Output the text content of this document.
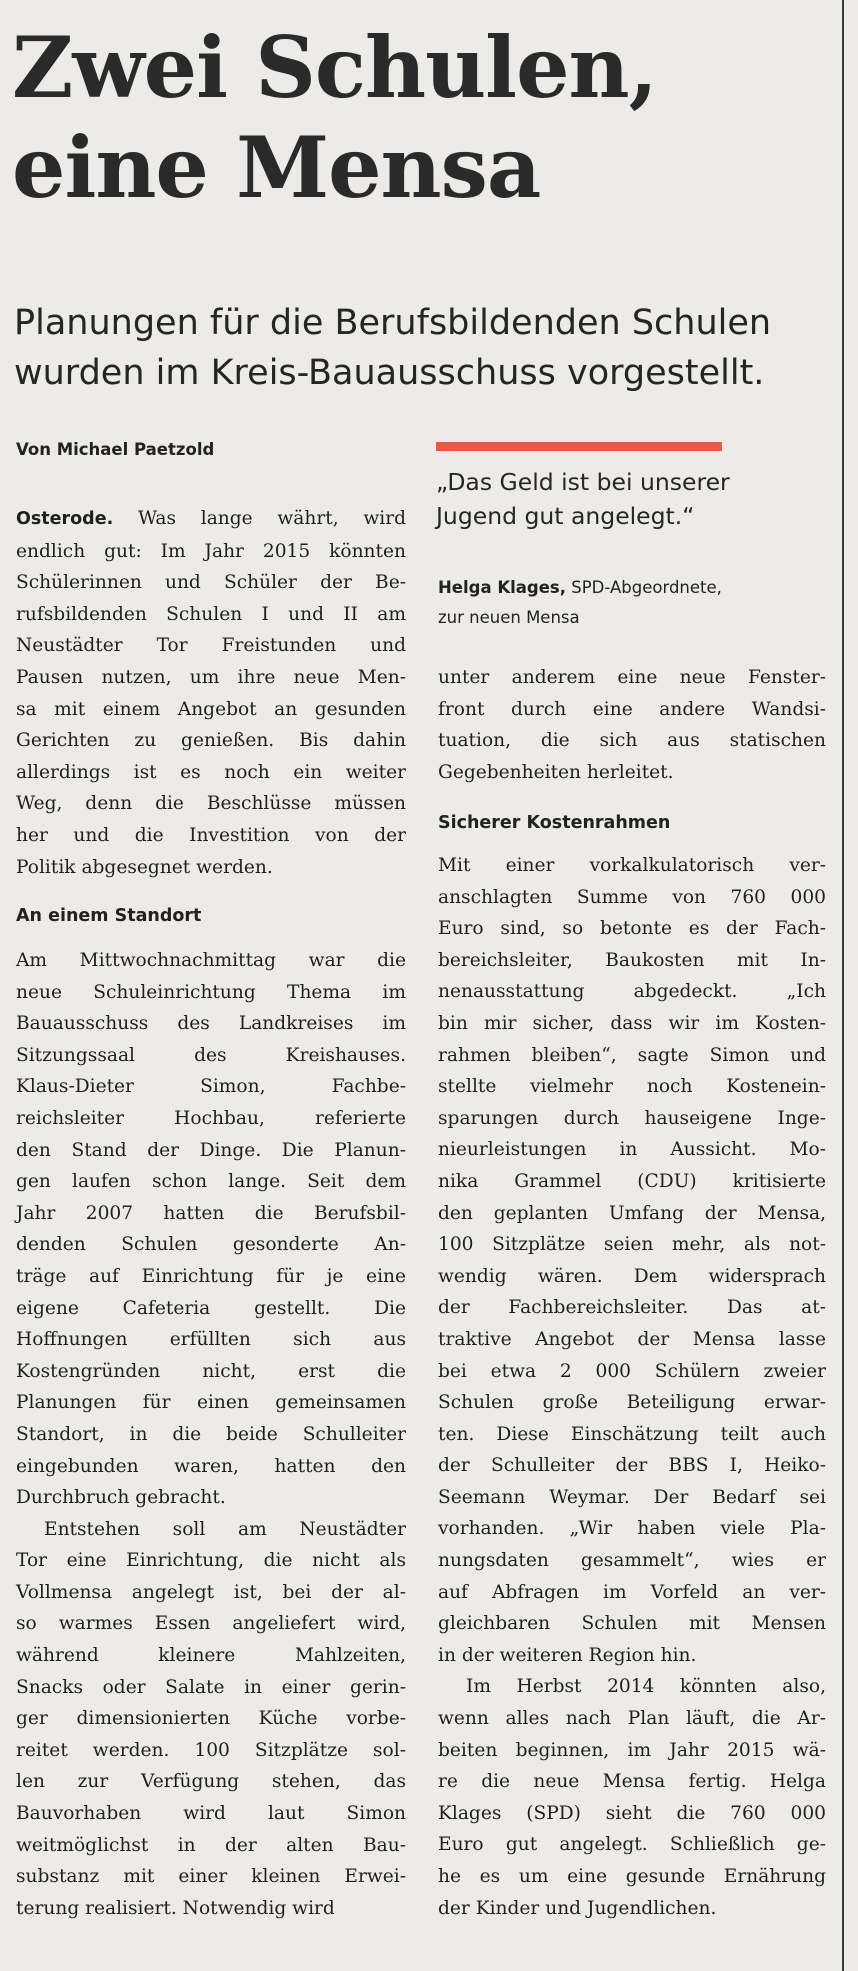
Zwei Schulen,
eine Mensa
Planungen für die Berufsbildenden Schulen
wurden im Kreis-Bauausschuss vorgestellt.
Von Michael Paetzold
Osterode. Was lange währt, wird
endlich gut: Im Jahr 2015 könnten
Schülerinnen und Schüler der Be-
rufsbildenden Schulen I und II am
Neustädter Tor Freistunden und
Pausen nutzen, um ihre neue Men-
sa mit einem Angebot an gesunden
Gerichten zu genießen. Bis dahin
allerdings ist es noch ein weiter
Weg, denn die Beschlüsse müssen
her und die Investition von der
Politik abgesegnet werden.
An einem Standort
Am Mittwochnachmittag war die
neue Schuleinrichtung Thema im
Bauausschuss des Landkreises im
Sitzungssaal des Kreishauses.
Klaus-Dieter Simon, Fachbe-
reichsleiter Hochbau, referierte
den Stand der Dinge. Die Planun-
gen laufen schon lange. Seit dem
Jahr 2007 hatten die Berufsbil-
denden Schulen gesonderte An-
träge auf Einrichtung für je eine
eigene Cafeteria gestellt. Die
Hoffnungen erfüllten sich aus
Kostengründen nicht, erst die
Planungen für einen gemeinsamen
Standort, in die beide Schulleiter
eingebunden waren, hatten den
Durchbruch gebracht.
Entstehen soll am Neustädter
Tor eine Einrichtung, die nicht als
Vollmensa angelegt ist, bei der al-
so warmes Essen angeliefert wird,
während kleinere Mahlzeiten,
Snacks oder Salate in einer gerin-
ger dimensionierten Küche vorbe-
reitet werden. 100 Sitzplätze sol-
len zur Verfügung stehen, das
Bauvorhaben wird laut Simon
weitmöglichst in der alten Bau-
substanz mit einer kleinen Erwei-
terung realisiert. Notwendig wird
„Das Geld ist bei unserer
Jugend gut angelegt.“
Helga Klages, SPD-Abgeordnete,
zur neuen Mensa
unter anderem eine neue Fenster-
front durch eine andere Wandsi-
tuation, die sich aus statischen
Gegebenheiten herleitet.
Sicherer Kostenrahmen
Mit einer vorkalkulatorisch ver-
anschlagten Summe von 760 000
Euro sind, so betonte es der Fach-
bereichsleiter, Baukosten mit In-
nenausstattung abgedeckt. „Ich
bin mir sicher, dass wir im Kosten-
rahmen bleiben“, sagte Simon und
stellte vielmehr noch Kostenein-
sparungen durch hauseigene Inge-
nieurleistungen in Aussicht. Mo-
nika Grammel (CDU) kritisierte
den geplanten Umfang der Mensa,
100 Sitzplätze seien mehr, als not-
wendig wären. Dem widersprach
der Fachbereichsleiter. Das at-
traktive Angebot der Mensa lasse
bei etwa 2 000 Schülern zweier
Schulen große Beteiligung erwar-
ten. Diese Einschätzung teilt auch
der Schulleiter der BBS I, Heiko-
Seemann Weymar. Der Bedarf sei
vorhanden. „Wir haben viele Pla-
nungsdaten gesammelt“, wies er
auf Abfragen im Vorfeld an ver-
gleichbaren Schulen mit Mensen
in der weiteren Region hin.
Im Herbst 2014 könnten also,
wenn alles nach Plan läuft, die Ar-
beiten beginnen, im Jahr 2015 wä-
re die neue Mensa fertig. Helga
Klages (SPD) sieht die 760 000
Euro gut angelegt. Schließlich ge-
he es um eine gesunde Ernährung
der Kinder und Jugendlichen.
